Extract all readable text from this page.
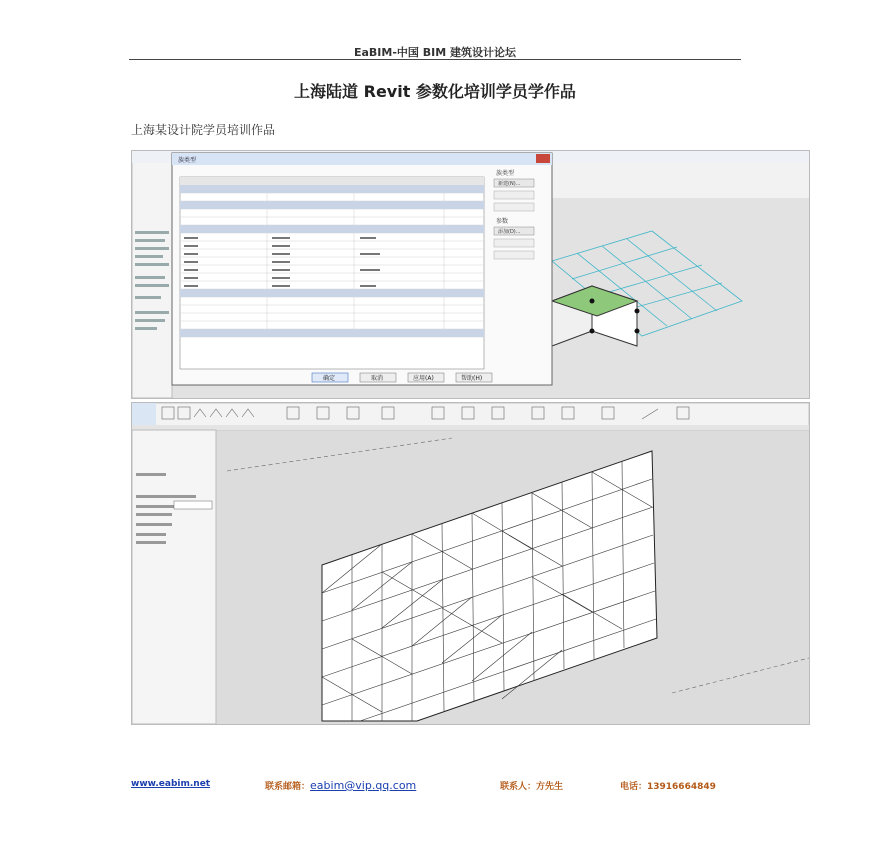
EaBIM-中国 BIM 建筑设计论坛
上海陆道 Revit 参数化培训学员学作品
上海某设计院学员培训作品
族类型
新建(N)...
参数
添加(D)...
确定	取消	应用(A)	帮助(H)
族类型
www.eabim.net	联系邮箱：eabim@vip.qq.com	联系人：方先生	电话：13916664849
